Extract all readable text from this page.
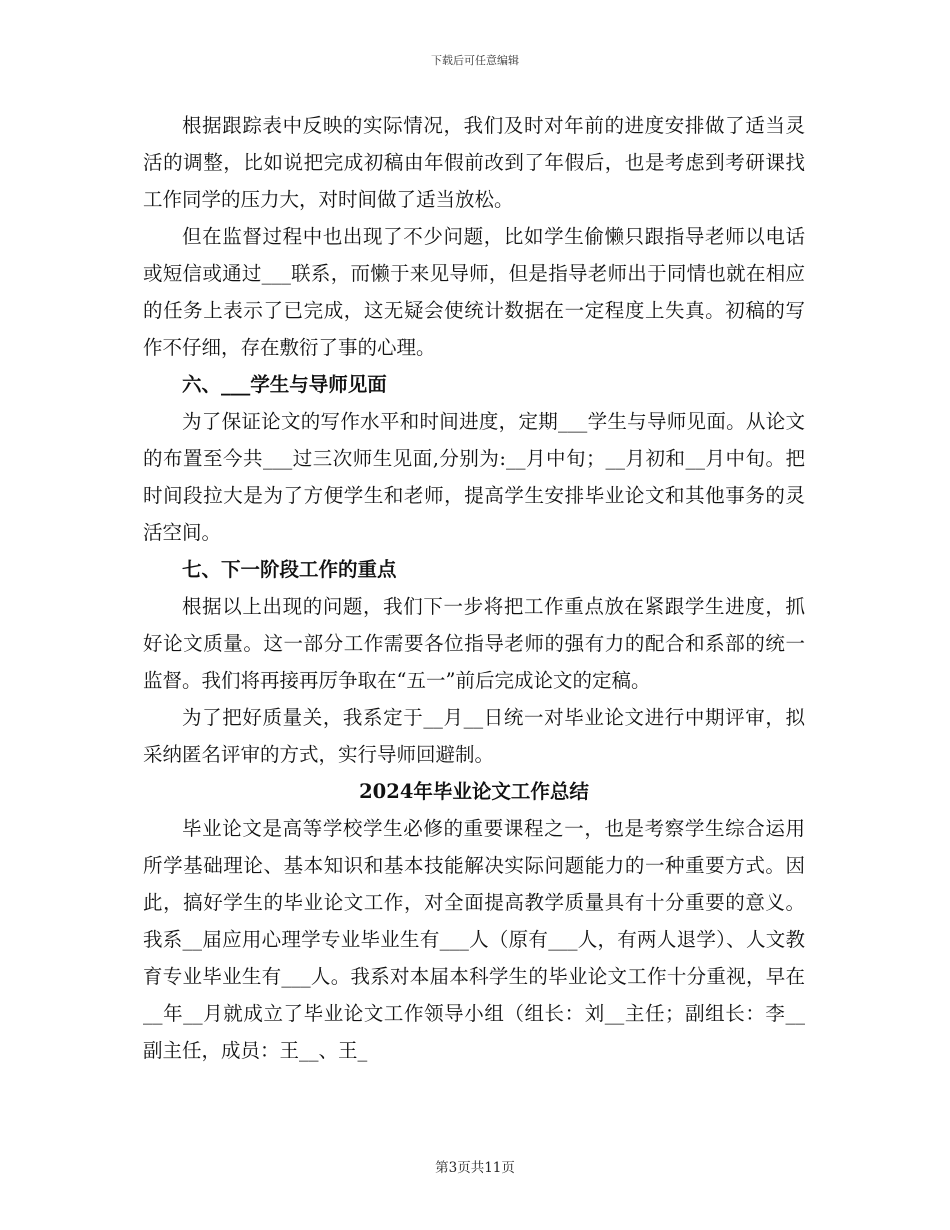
下载后可任意编辑

根据跟踪表中反映的实际情况，我们及时对年前的进度安排做了适当灵活的调整，比如说把完成初稿由年假前改到了年假后，也是考虑到考研课找工作同学的压力大，对时间做了适当放松。

但在监督过程中也出现了不少问题，比如学生偷懒只跟指导老师以电话或短信或通过___联系，而懒于来见导师，但是指导老师出于同情也就在相应的任务上表示了已完成，这无疑会使统计数据在一定程度上失真。初稿的写作不仔细，存在敷衍了事的心理。

六、___学生与导师见面

为了保证论文的写作水平和时间进度，定期___学生与导师见面。从论文的布置至今共___过三次师生见面,分别为:__月中旬；__月初和__月中旬。把时间段拉大是为了方便学生和老师，提高学生安排毕业论文和其他事务的灵活空间。

七、下一阶段工作的重点

根据以上出现的问题，我们下一步将把工作重点放在紧跟学生进度，抓好论文质量。这一部分工作需要各位指导老师的强有力的配合和系部的统一监督。我们将再接再厉争取在“五一”前后完成论文的定稿。

为了把好质量关，我系定于__月__日统一对毕业论文进行中期评审，拟采纳匿名评审的方式，实行导师回避制。

2024年毕业论文工作总结

毕业论文是高等学校学生必修的重要课程之一，也是考察学生综合运用所学基础理论、基本知识和基本技能解决实际问题能力的一种重要方式。因此，搞好学生的毕业论文工作，对全面提高教学质量具有十分重要的意义。我系__届应用心理学专业毕业生有___人（原有___人，有两人退学）、人文教育专业毕业生有___人。我系对本届本科学生的毕业论文工作十分重视，早在__年__月就成立了毕业论文工作领导小组（组长：刘__主任；副组长：李__副主任，成员：王__、王_

第3页共11页
